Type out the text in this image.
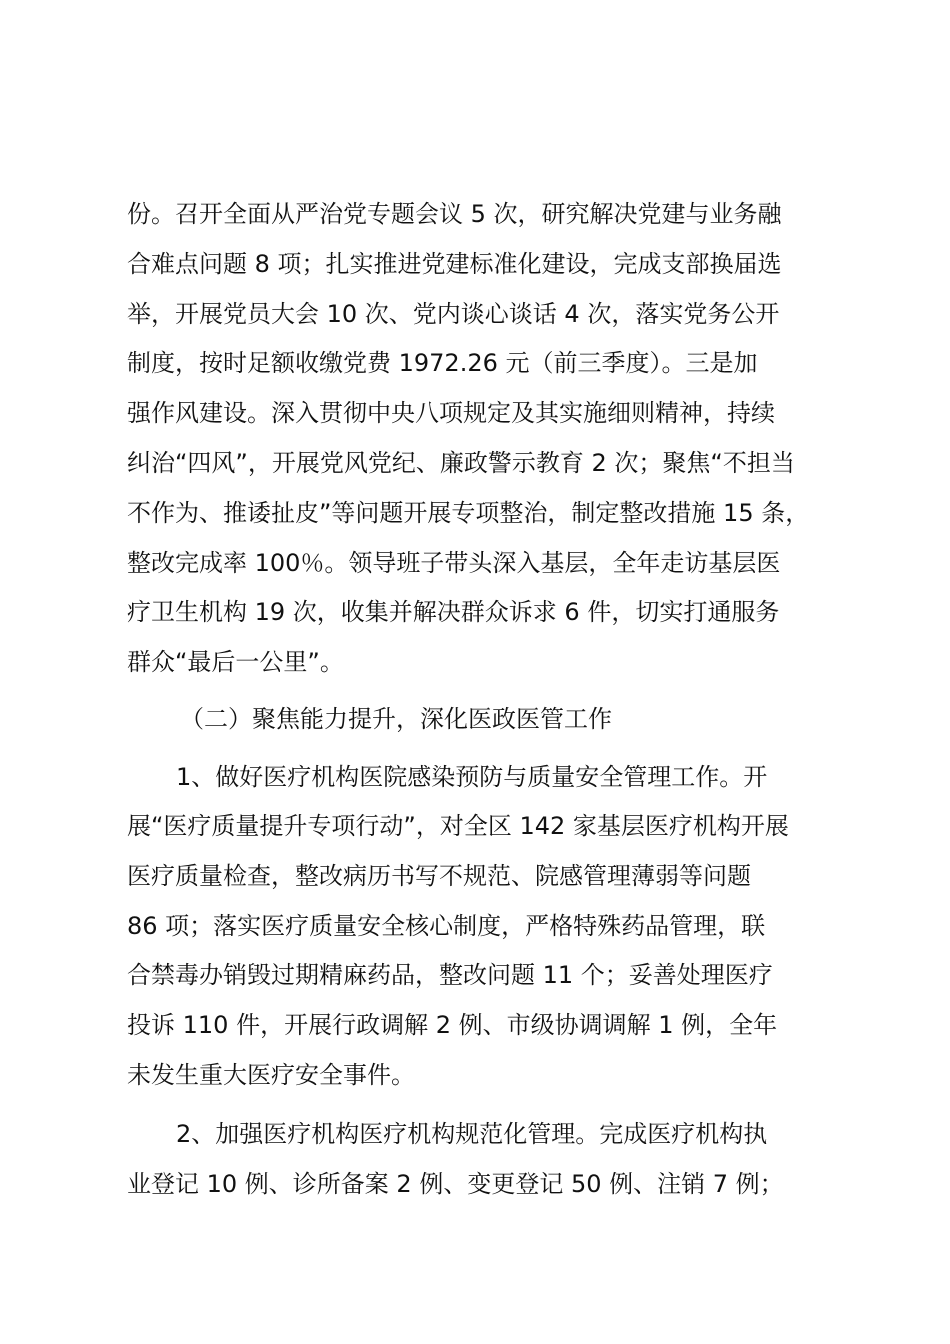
份。召开全面从严治党专题会议 5 次，研究解决党建与业务融
合难点问题 8 项；扎实推进党建标准化建设，完成支部换届选
举，开展党员大会 10 次、党内谈心谈话 4 次，落实党务公开
制度，按时足额收缴党费 1972.26 元（前三季度）。三是加
强作风建设。深入贯彻中央八项规定及其实施细则精神，持续
纠治“四风”，开展党风党纪、廉政警示教育 2 次；聚焦“不担当
不作为、推诿扯皮”等问题开展专项整治，制定整改措施 15 条，
整改完成率 100％。领导班子带头深入基层，全年走访基层医
疗卫生机构 19 次，收集并解决群众诉求 6 件，切实打通服务
群众“最后一公里”。
（二）聚焦能力提升，深化医政医管工作
1、做好医疗机构医院感染预防与质量安全管理工作。开
展“医疗质量提升专项行动”，对全区 142 家基层医疗机构开展
医疗质量检查，整改病历书写不规范、院感管理薄弱等问题
86 项；落实医疗质量安全核心制度，严格特殊药品管理，联
合禁毒办销毁过期精麻药品，整改问题 11 个；妥善处理医疗
投诉 110 件，开展行政调解 2 例、市级协调调解 1 例，全年
未发生重大医疗安全事件。
2、加强医疗机构医疗机构规范化管理。完成医疗机构执
业登记 10 例、诊所备案 2 例、变更登记 50 例、注销 7 例；
